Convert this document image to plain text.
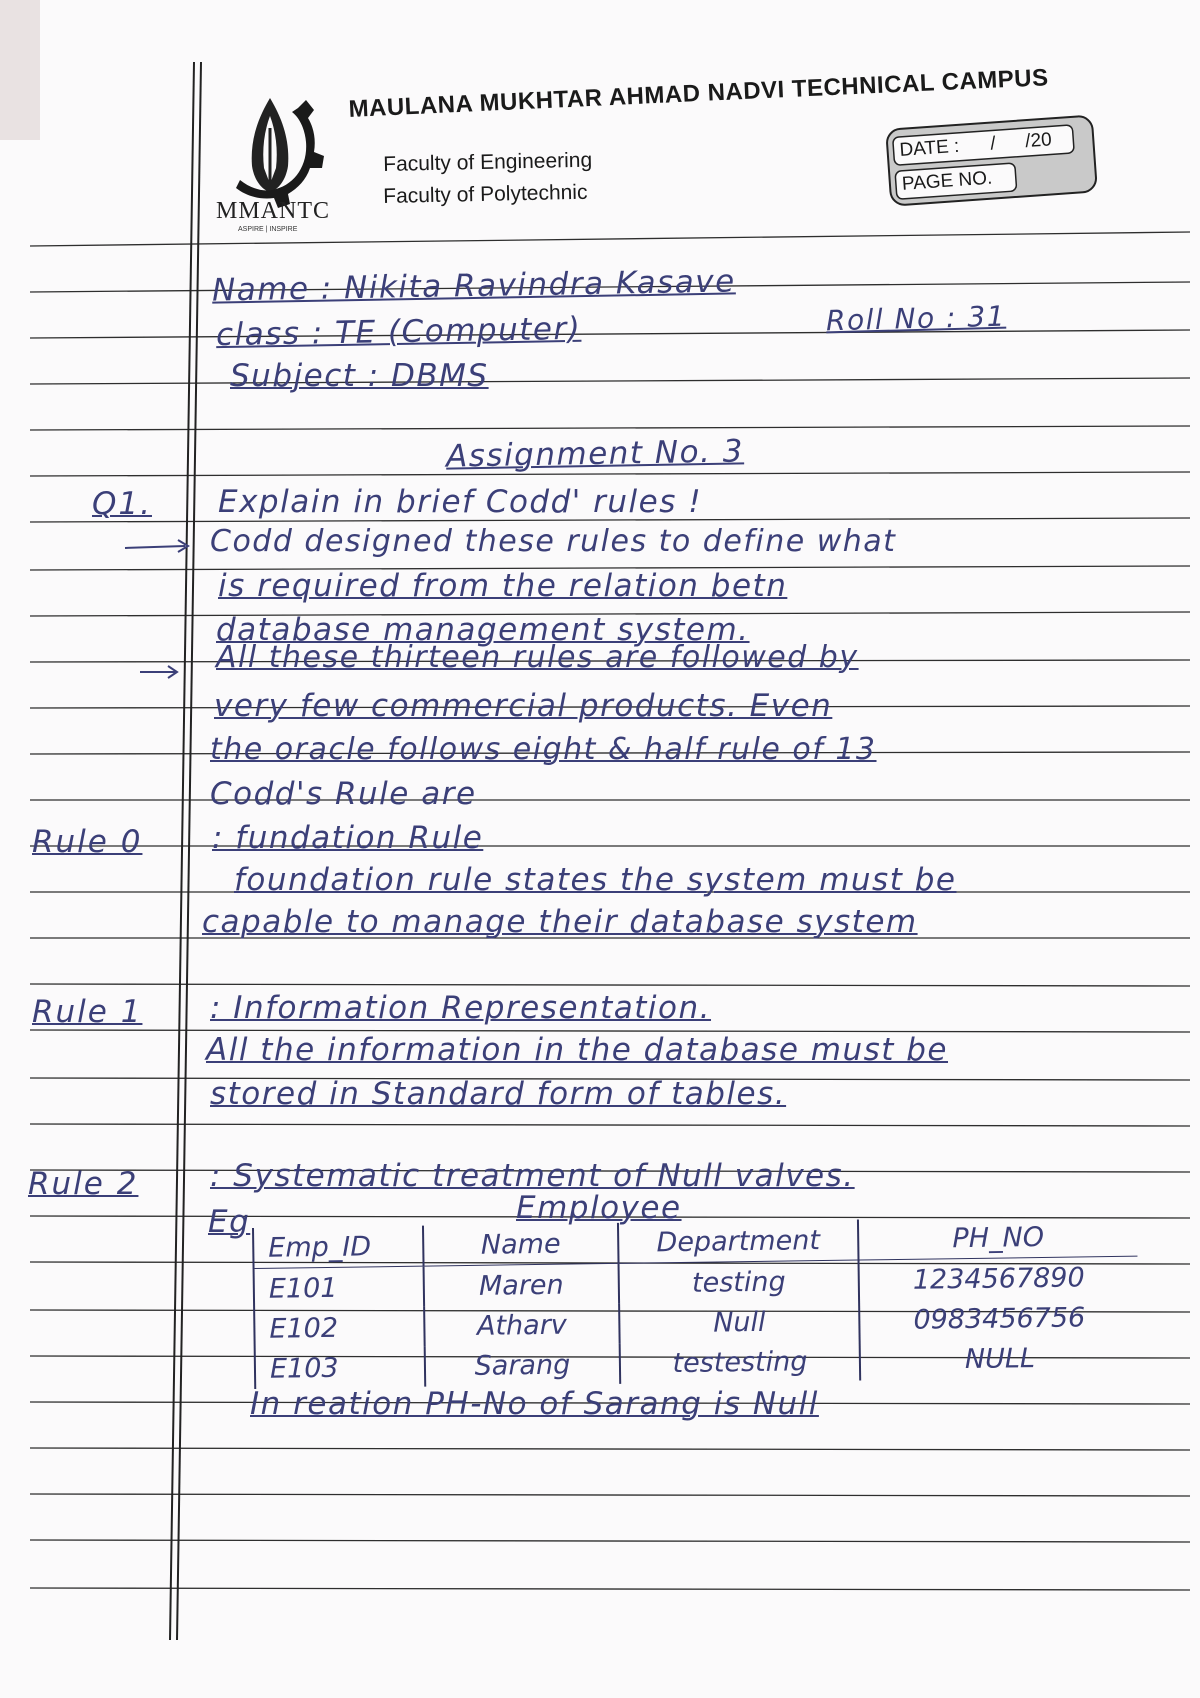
MMANTC
ASPIRE | INSPIRE
MAULANA MUKHTAR AHMAD NADVI TECHNICAL CAMPUS
Faculty of Engineering
Faculty of Polytechnic
DATE : / /20
PAGE NO.
Name : Nikita Ravindra Kasave
class : TE (Computer)	Roll No : 31
Subject : DBMS
Assignment No. 3
Q1. Explain in brief Codd' rules !
Codd designed these rules to define what
is required from the relation betn
database management system.
All these thirteen rules are followed by
very few commercial products. Even
the oracle follows eight & half rule of 13
Codd's Rule are
Rule 0 : fundation Rule
foundation rule states the system must be
capable to manage their database system
Rule 1 : Information Representation.
All the information in the database must be
stored in Standard form of tables.
Rule 2 : Systematic treatment of Null valves.
Eg	Employee
Emp_ID	Name	Department	PH_NO
E101	Maren	testing	1234567890
E102	Atharv	Null	0983456756
E103	Sarang	testesting	NULL
In reation PH-No of Sarang is Null
